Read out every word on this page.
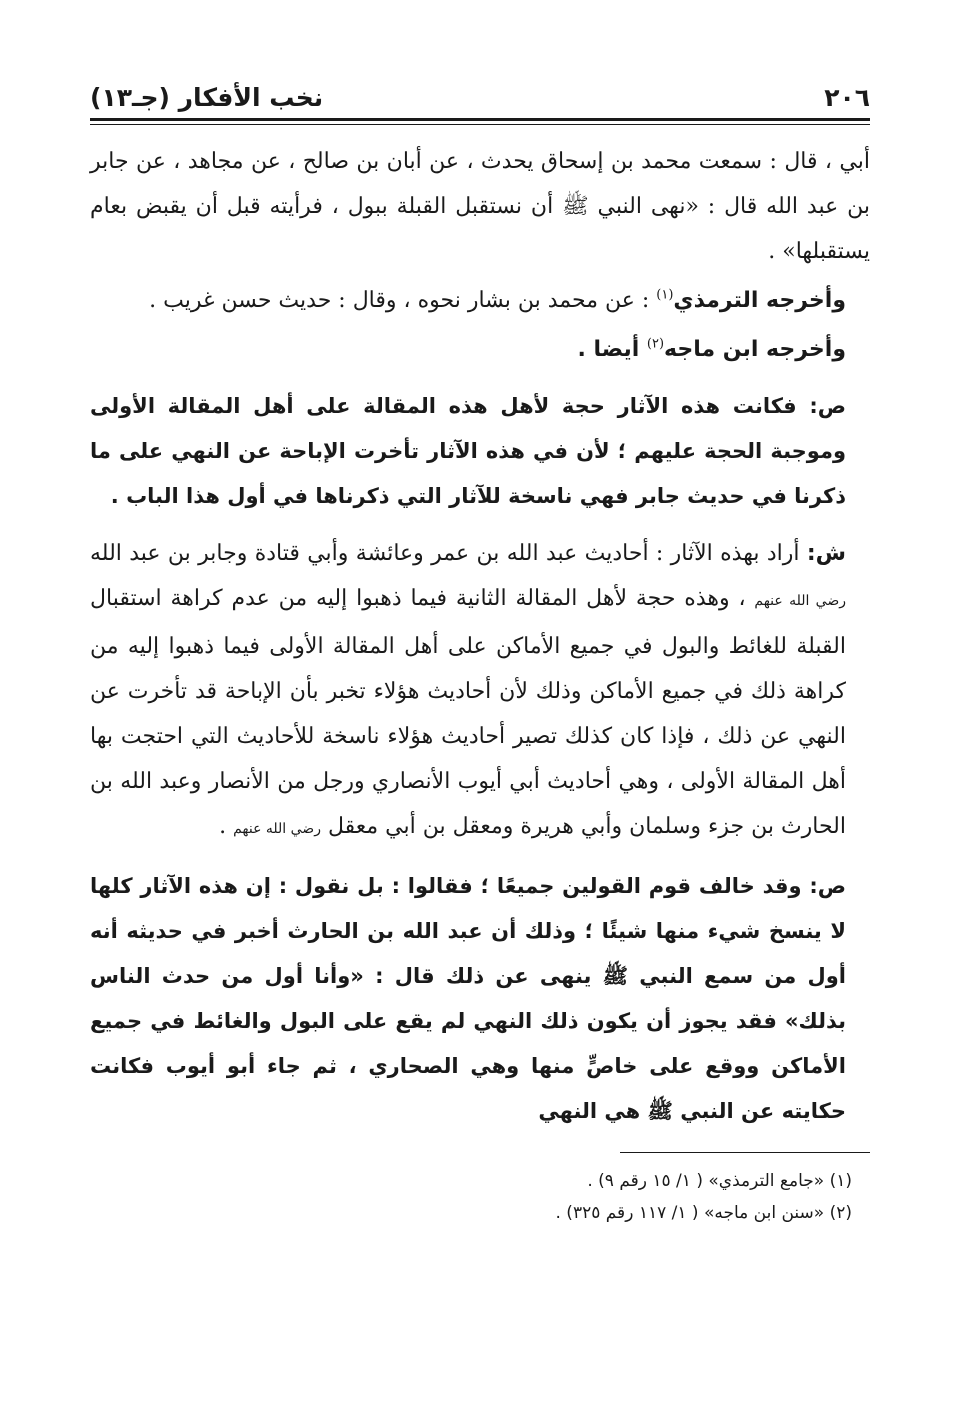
٢٠٦
نخب الأفكار (جـ١٣)

أبي ، قال : سمعت محمد بن إسحاق يحدث ، عن أبان بن صالح ، عن مجاهد ، عن جابر بن عبد الله قال : «نهى النبي ﷺ أن نستقبل القبلة ببول ، فرأيته قبل أن يقبض بعام يستقبلها» .

وأخرجه الترمذي$^{(١)}$ : عن محمد بن بشار نحوه ، وقال : حديث حسن غريب .

وأخرجه ابن ماجه$^{(٢)}$ أيضا .

ص: فكانت هذه الآثار حجة لأهل هذه المقالة على أهل المقالة الأولى وموجبة الحجة عليهم ؛ لأن في هذه الآثار تأخرت الإباحة عن النهي على ما ذكرنا في حديث جابر فهي ناسخة للآثار التي ذكرناها في أول هذا الباب .

ش: أراد بهذه الآثار : أحاديث عبد الله بن عمر وعائشة وأبي قتادة وجابر بن عبد الله رضي الله عنهم ، وهذه حجة لأهل المقالة الثانية فيما ذهبوا إليه من عدم كراهة استقبال القبلة للغائط والبول في جميع الأماكن على أهل المقالة الأولى فيما ذهبوا إليه من كراهة ذلك في جميع الأماكن وذلك لأن أحاديث هؤلاء تخبر بأن الإباحة قد تأخرت عن النهي عن ذلك ، فإذا كان كذلك تصير أحاديث هؤلاء ناسخة للأحاديث التي احتجت بها أهل المقالة الأولى ، وهي أحاديث أبي أيوب الأنصاري ورجل من الأنصار وعبد الله بن الحارث بن جزء وسلمان وأبي هريرة ومعقل بن أبي معقل رضي الله عنهم .

ص: وقد خالف قوم القولين جميعًا ؛ فقالوا : بل نقول : إن هذه الآثار كلها لا ينسخ شيء منها شيئًا ؛ وذلك أن عبد الله بن الحارث أخبر في حديثه أنه أول من سمع النبي ﷺ ينهى عن ذلك قال : «وأنا أول من حدث الناس بذلك» فقد يجوز أن يكون ذلك النهي لم يقع على البول والغائط في جميع الأماكن ووقع على خاصٍّ منها وهي الصحاري ، ثم جاء أبو أيوب فكانت حكايته عن النبي ﷺ هي النهي

(١) «جامع الترمذي» ( ١/ ١٥ رقم ٩) .
(٢) «سنن ابن ماجه» ( ١/ ١١٧ رقم ٣٢٥) .
